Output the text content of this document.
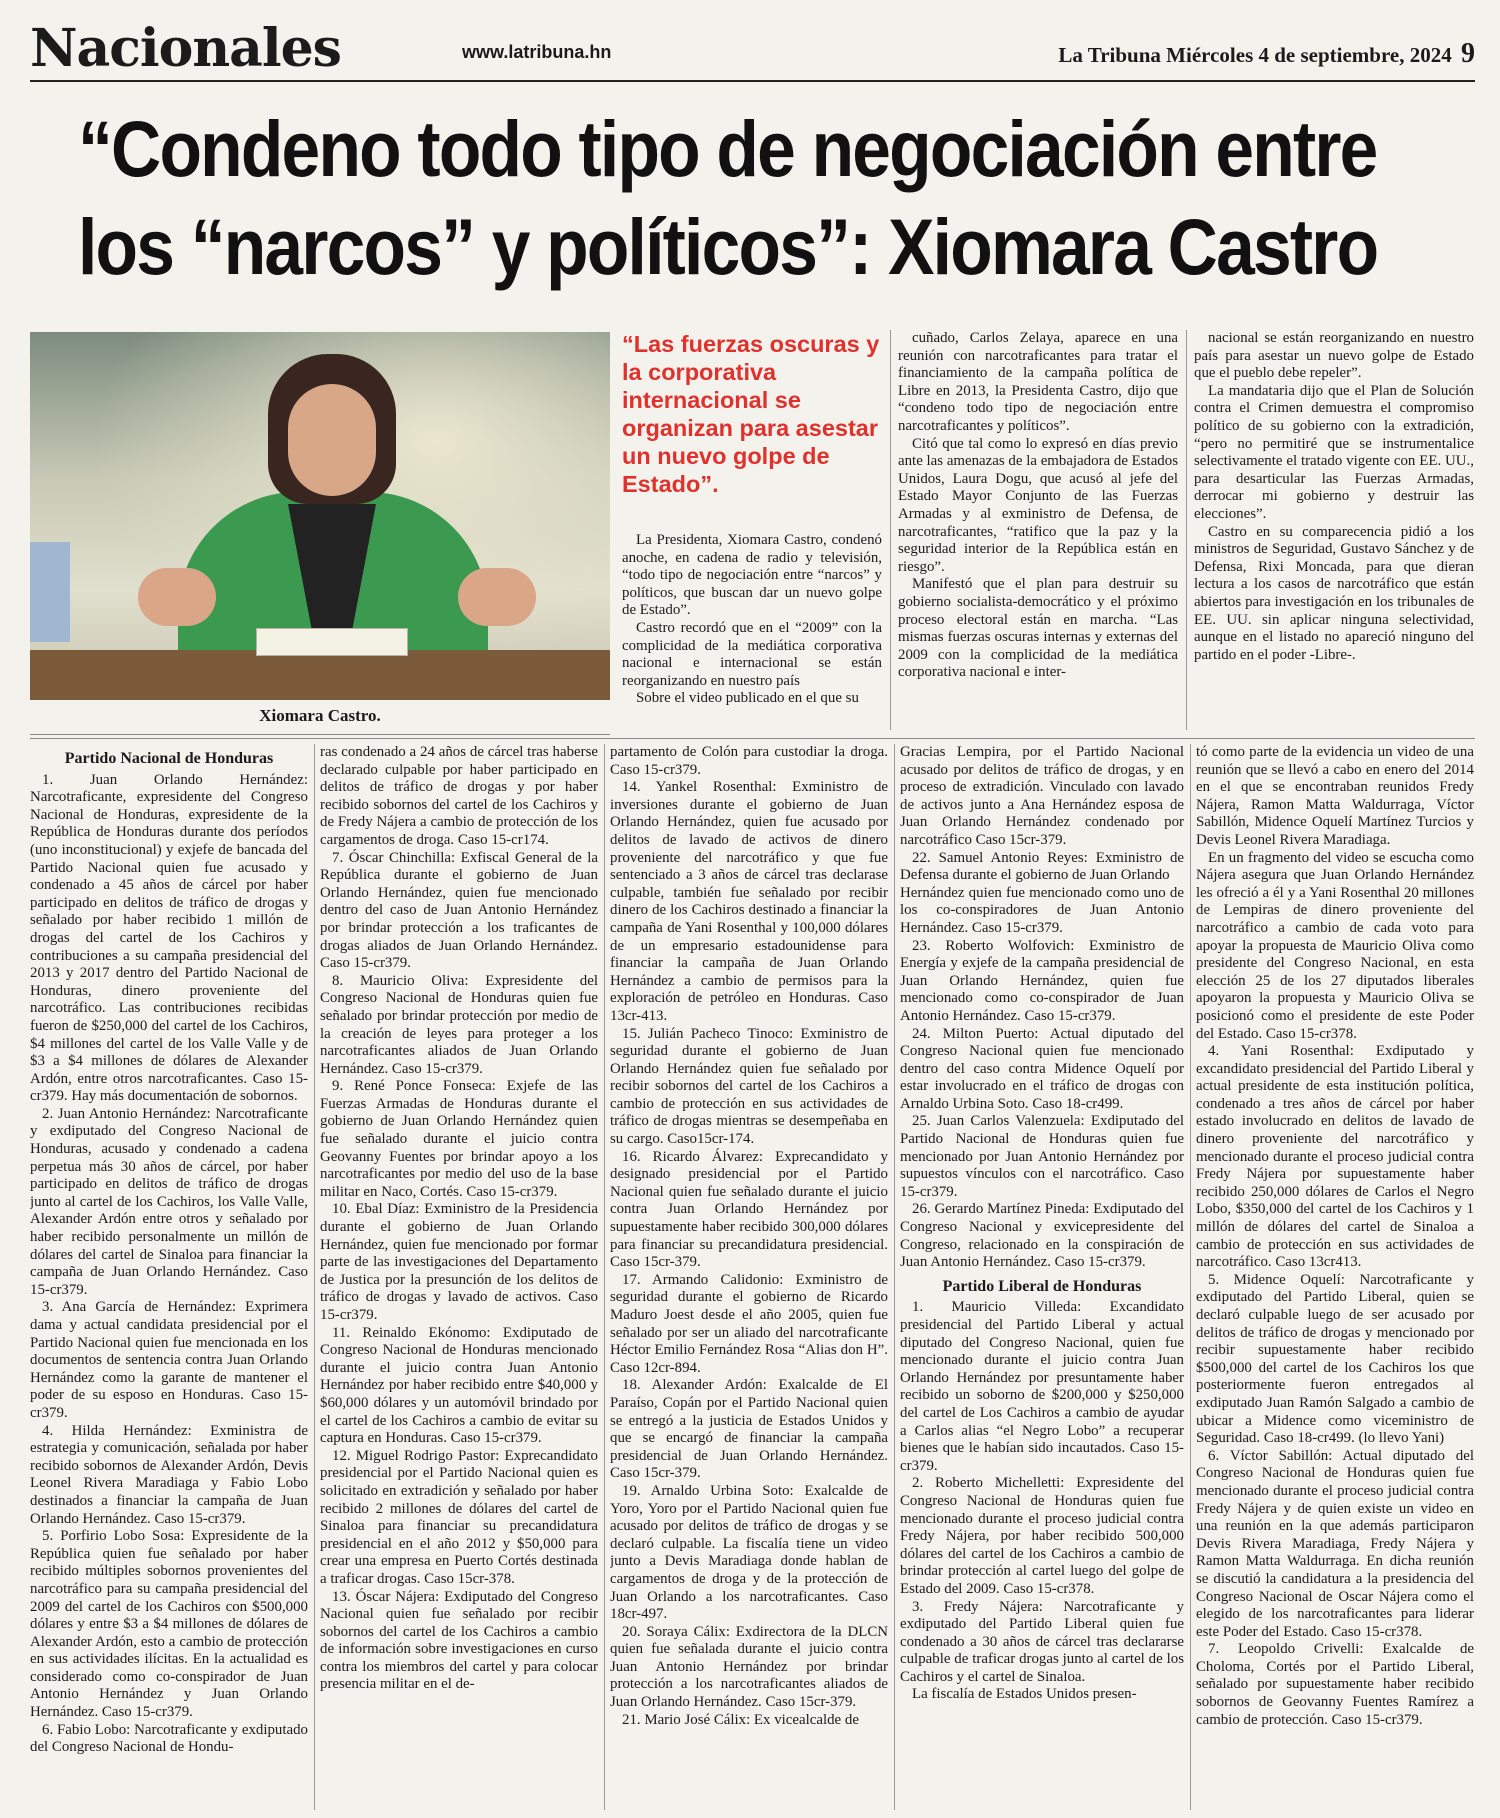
Nacionales	www.latribuna.hn	La Tribuna Miércoles 4 de septiembre, 2024 9
“Condeno todo tipo de negociación entre
los “narcos” y políticos”: Xiomara Castro
Xiomara Castro.
“Las fuerzas oscuras y la corporativa internacional se organizan para asestar un nuevo golpe de Estado”.

La Presidenta, Xiomara Castro, condenó anoche, en cadena de radio y televisión, “todo tipo de negociación entre “narcos” y políticos, que buscan dar un nuevo golpe de Estado”.

Castro recordó que en el “2009” con la complicidad de la mediática corporativa nacional e internacional se están reorganizando en nuestro país

Sobre el video publicado en el que su

cuñado, Carlos Zelaya, aparece en una reunión con narcotraficantes para tratar el financiamiento de la campaña política de Libre en 2013, la Presidenta Castro, dijo que “condeno todo tipo de negociación entre narcotraficantes y políticos”.

Citó que tal como lo expresó en días previo ante las amenazas de la embajadora de Estados Unidos, Laura Dogu, que acusó al jefe del Estado Mayor Conjunto de las Fuerzas Armadas y al exministro de Defensa, de narcotraficantes, “ratifico que la paz y la seguridad interior de la República están en riesgo”.

Manifestó que el plan para destruir su gobierno socialista-democrático y el próximo proceso electoral están en marcha. “Las mismas fuerzas oscuras internas y externas del 2009 con la complicidad de la mediática corporativa nacional e inter-

nacional se están reorganizando en nuestro país para asestar un nuevo golpe de Estado que el pueblo debe repeler”.

La mandataria dijo que el Plan de Solución contra el Crimen demuestra el compromiso político de su gobierno con la extradición, “pero no permitiré que se instrumentalice selectivamente el tratado vigente con EE. UU., para desarticular las Fuerzas Armadas, derrocar mi gobierno y destruir las elecciones”.

Castro en su comparecencia pidió a los ministros de Seguridad, Gustavo Sánchez y de Defensa, Rixi Moncada, para que dieran lectura a los casos de narcotráfico que están abiertos para investigación en los tribunales de EE. UU. sin aplicar ninguna selectividad, aunque en el listado no apareció ninguno del partido en el poder -Libre-.

Partido Nacional de Honduras

1. Juan Orlando Hernández: Narcotraficante, expresidente del Congreso Nacional de Honduras, expresidente de la República de Honduras durante dos períodos (uno inconstitucional) y exjefe de bancada del Partido Nacional quien fue acusado y condenado a 45 años de cárcel por haber participado en delitos de tráfico de drogas y señalado por haber recibido 1 millón de drogas del cartel de los Cachiros y contribuciones a su campaña presidencial del 2013 y 2017 dentro del Partido Nacional de Honduras, dinero proveniente del narcotráfico. Las contribuciones recibidas fueron de $250,000 del cartel de los Cachiros, $4 millones del cartel de los Valle Valle y de $3 a $4 millones de dólares de Alexander Ardón, entre otros narcotraficantes. Caso 15-cr379. Hay más documentación de sobornos.

2. Juan Antonio Hernández: Narcotraficante y exdiputado del Congreso Nacional de Honduras, acusado y condenado a cadena perpetua más 30 años de cárcel, por haber participado en delitos de tráfico de drogas junto al cartel de los Cachiros, los Valle Valle, Alexander Ardón entre otros y señalado por haber recibido personalmente un millón de dólares del cartel de Sinaloa para financiar la campaña de Juan Orlando Hernández. Caso 15-cr379.

3. Ana García de Hernández: Exprimera dama y actual candidata presidencial por el Partido Nacional quien fue mencionada en los documentos de sentencia contra Juan Orlando Hernández como la garante de mantener el poder de su esposo en Honduras. Caso 15-cr379.

4. Hilda Hernández: Exministra de estrategia y comunicación, señalada por haber recibido sobornos de Alexander Ardón, Devis Leonel Rivera Maradiaga y Fabio Lobo destinados a financiar la campaña de Juan Orlando Hernández. Caso 15-cr379.

5. Porfirio Lobo Sosa: Expresidente de la República quien fue señalado por haber recibido múltiples sobornos provenientes del narcotráfico para su campaña presidencial del 2009 del cartel de los Cachiros con $500,000 dólares y entre $3 a $4 millones de dólares de Alexander Ardón, esto a cambio de protección en sus actividades ilícitas. En la actualidad es considerado como co-conspirador de Juan Antonio Hernández y Juan Orlando Hernández. Caso 15-cr379.

6. Fabio Lobo: Narcotraficante y exdiputado del Congreso Nacional de Hondu-

ras condenado a 24 años de cárcel tras haberse declarado culpable por haber participado en delitos de tráfico de drogas y por haber recibido sobornos del cartel de los Cachiros y de Fredy Nájera a cambio de protección de los cargamentos de droga. Caso 15-cr174.

7. Óscar Chinchilla: Exfiscal General de la República durante el gobierno de Juan Orlando Hernández, quien fue mencionado dentro del caso de Juan Antonio Hernández por brindar protección a los traficantes de drogas aliados de Juan Orlando Hernández. Caso 15-cr379.

8. Mauricio Oliva: Expresidente del Congreso Nacional de Honduras quien fue señalado por brindar protección por medio de la creación de leyes para proteger a los narcotraficantes aliados de Juan Orlando Hernández. Caso 15-cr379.

9. René Ponce Fonseca: Exjefe de las Fuerzas Armadas de Honduras durante el gobierno de Juan Orlando Hernández quien fue señalado durante el juicio contra Geovanny Fuentes por brindar apoyo a los narcotraficantes por medio del uso de la base militar en Naco, Cortés. Caso 15-cr379.

10. Ebal Díaz: Exministro de la Presidencia durante el gobierno de Juan Orlando Hernández, quien fue mencionado por formar parte de las investigaciones del Departamento de Justica por la presunción de los delitos de tráfico de drogas y lavado de activos. Caso 15-cr379.

11. Reinaldo Ekónomo: Exdiputado de Congreso Nacional de Honduras mencionado durante el juicio contra Juan Antonio Hernández por haber recibido entre $40,000 y $60,000 dólares y un automóvil brindado por el cartel de los Cachiros a cambio de evitar su captura en Honduras. Caso 15-cr379.

12. Miguel Rodrigo Pastor: Exprecandidato presidencial por el Partido Nacional quien es solicitado en extradición y señalado por haber recibido 2 millones de dólares del cartel de Sinaloa para financiar su precandidatura presidencial en el año 2012 y $50,000 para crear una empresa en Puerto Cortés destinada a traficar drogas. Caso 15cr-378.

13. Óscar Nájera: Exdiputado del Congreso Nacional quien fue señalado por recibir sobornos del cartel de los Cachiros a cambio de información sobre investigaciones en curso contra los miembros del cartel y para colocar presencia militar en el de-

partamento de Colón para custodiar la droga. Caso 15-cr379.

14. Yankel Rosenthal: Exministro de inversiones durante el gobierno de Juan Orlando Hernández, quien fue acusado por delitos de lavado de activos de dinero proveniente del narcotráfico y que fue sentenciado a 3 años de cárcel tras declarase culpable, también fue señalado por recibir dinero de los Cachiros destinado a financiar la campaña de Yani Rosenthal y 100,000 dólares de un empresario estadounidense para financiar la campaña de Juan Orlando Hernández a cambio de permisos para la exploración de petróleo en Honduras. Caso 13cr-413.

15. Julián Pacheco Tinoco: Exministro de seguridad durante el gobierno de Juan Orlando Hernández quien fue señalado por recibir sobornos del cartel de los Cachiros a cambio de protección en sus actividades de tráfico de drogas mientras se desempeñaba en su cargo. Caso15cr-174.

16. Ricardo Álvarez: Exprecandidato y designado presidencial por el Partido Nacional quien fue señalado durante el juicio contra Juan Orlando Hernández por supuestamente haber recibido 300,000 dólares para financiar su precandidatura presidencial. Caso 15cr-379.

17. Armando Calidonio: Exministro de seguridad durante el gobierno de Ricardo Maduro Joest desde el año 2005, quien fue señalado por ser un aliado del narcotraficante Héctor Emilio Fernández Rosa “Alias don H”. Caso 12cr-894.

18. Alexander Ardón: Exalcalde de El Paraíso, Copán por el Partido Nacional quien se entregó a la justicia de Estados Unidos y que se encargó de financiar la campaña presidencial de Juan Orlando Hernández. Caso 15cr-379.

19. Arnaldo Urbina Soto: Exalcalde de Yoro, Yoro por el Partido Nacional quien fue acusado por delitos de tráfico de drogas y se declaró culpable. La fiscalía tiene un video junto a Devis Maradiaga donde hablan de cargamentos de droga y de la protección de Juan Orlando a los narcotraficantes. Caso 18cr-497.

20. Soraya Cálix: Exdirectora de la DLCN quien fue señalada durante el juicio contra Juan Antonio Hernández por brindar protección a los narcotraficantes aliados de Juan Orlando Hernández. Caso 15cr-379.

21. Mario José Cálix: Ex vicealcalde de

Gracias Lempira, por el Partido Nacional acusado por delitos de tráfico de drogas, y en proceso de extradición. Vinculado con lavado de activos junto a Ana Hernández esposa de Juan Orlando Hernández condenado por narcotráfico Caso 15cr-379.

22. Samuel Antonio Reyes: Exministro de Defensa durante el gobierno de Juan Orlando

Hernández quien fue mencionado como uno de los co-conspiradores de Juan Antonio Hernández. Caso 15-cr379.

23. Roberto Wolfovich: Exministro de Energía y exjefe de la campaña presidencial de Juan Orlando Hernández, quien fue mencionado como co-conspirador de Juan Antonio Hernández. Caso 15-cr379.

24. Milton Puerto: Actual diputado del Congreso Nacional quien fue mencionado dentro del caso contra Midence Oquelí por estar involucrado en el tráfico de drogas con Arnaldo Urbina Soto. Caso 18-cr499.

25. Juan Carlos Valenzuela: Exdiputado del Partido Nacional de Honduras quien fue mencionado por Juan Antonio Hernández por supuestos vínculos con el narcotráfico. Caso 15-cr379.

26. Gerardo Martínez Pineda: Exdiputado del Congreso Nacional y exvicepresidente del Congreso, relacionado en la conspiración de Juan Antonio Hernández. Caso 15-cr379.

Partido Liberal de Honduras

1. Mauricio Villeda: Excandidato presidencial del Partido Liberal y actual diputado del Congreso Nacional, quien fue mencionado durante el juicio contra Juan Orlando Hernández por presuntamente haber recibido un soborno de $200,000 y $250,000 del cartel de Los Cachiros a cambio de ayudar a Carlos alias “el Negro Lobo” a recuperar bienes que le habían sido incautados. Caso 15-cr379.

2. Roberto Michelletti: Expresidente del Congreso Nacional de Honduras quien fue mencionado durante el proceso judicial contra Fredy Nájera, por haber recibido 500,000 dólares del cartel de los Cachiros a cambio de brindar protección al cartel luego del golpe de Estado del 2009. Caso 15-cr378.

3. Fredy Nájera: Narcotraficante y exdiputado del Partido Liberal quien fue condenado a 30 años de cárcel tras declararse culpable de traficar drogas junto al cartel de los Cachiros y el cartel de Sinaloa.

La fiscalía de Estados Unidos presen-

tó como parte de la evidencia un video de una reunión que se llevó a cabo en enero del 2014 en el que se encontraban reunidos Fredy Nájera, Ramon Matta Waldurraga, Víctor Sabillón, Midence Oquelí Martínez Turcios y Devis Leonel Rivera Maradiaga.

En un fragmento del video se escucha como Nájera asegura que Juan Orlando Hernández les ofreció a él y a Yani Rosenthal 20 millones de Lempiras de dinero proveniente del narcotráfico a cambio de cada voto para apoyar la propuesta de Mauricio Oliva como presidente del Congreso Nacional, en esta elección 25 de los 27 diputados liberales apoyaron la propuesta y Mauricio Oliva se posicionó como el presidente de este Poder del Estado. Caso 15-cr378.

4. Yani Rosenthal: Exdiputado y excandidato presidencial del Partido Liberal y actual presidente de esta institución política, condenado a tres años de cárcel por haber estado involucrado en delitos de lavado de dinero proveniente del narcotráfico y mencionado durante el proceso judicial contra Fredy Nájera por supuestamente haber recibido 250,000 dólares de Carlos el Negro Lobo, $350,000 del cartel de los Cachiros y 1 millón de dólares del cartel de Sinaloa a cambio de protección en sus actividades de narcotráfico. Caso 13cr413.

5. Midence Oquelí: Narcotraficante y exdiputado del Partido Liberal, quien se declaró culpable luego de ser acusado por delitos de tráfico de drogas y mencionado por recibir supuestamente haber recibido $500,000 del cartel de los Cachiros los que posteriormente fueron entregados al exdiputado Juan Ramón Salgado a cambio de ubicar a Midence como viceministro de Seguridad. Caso 18-cr499. (lo llevo Yani)

6. Víctor Sabillón: Actual diputado del Congreso Nacional de Honduras quien fue mencionado durante el proceso judicial contra Fredy Nájera y de quien existe un video en una reunión en la que además participaron Devis Rivera Maradiaga, Fredy Nájera y Ramon Matta Waldurraga. En dicha reunión se discutió la candidatura a la presidencia del Congreso Nacional de Oscar Nájera como el elegido de los narcotraficantes para liderar este Poder del Estado. Caso 15-cr378.

7. Leopoldo Crivelli: Exalcalde de Choloma, Cortés por el Partido Liberal, señalado por supuestamente haber recibido sobornos de Geovanny Fuentes Ramírez a cambio de protección. Caso 15-cr379.
